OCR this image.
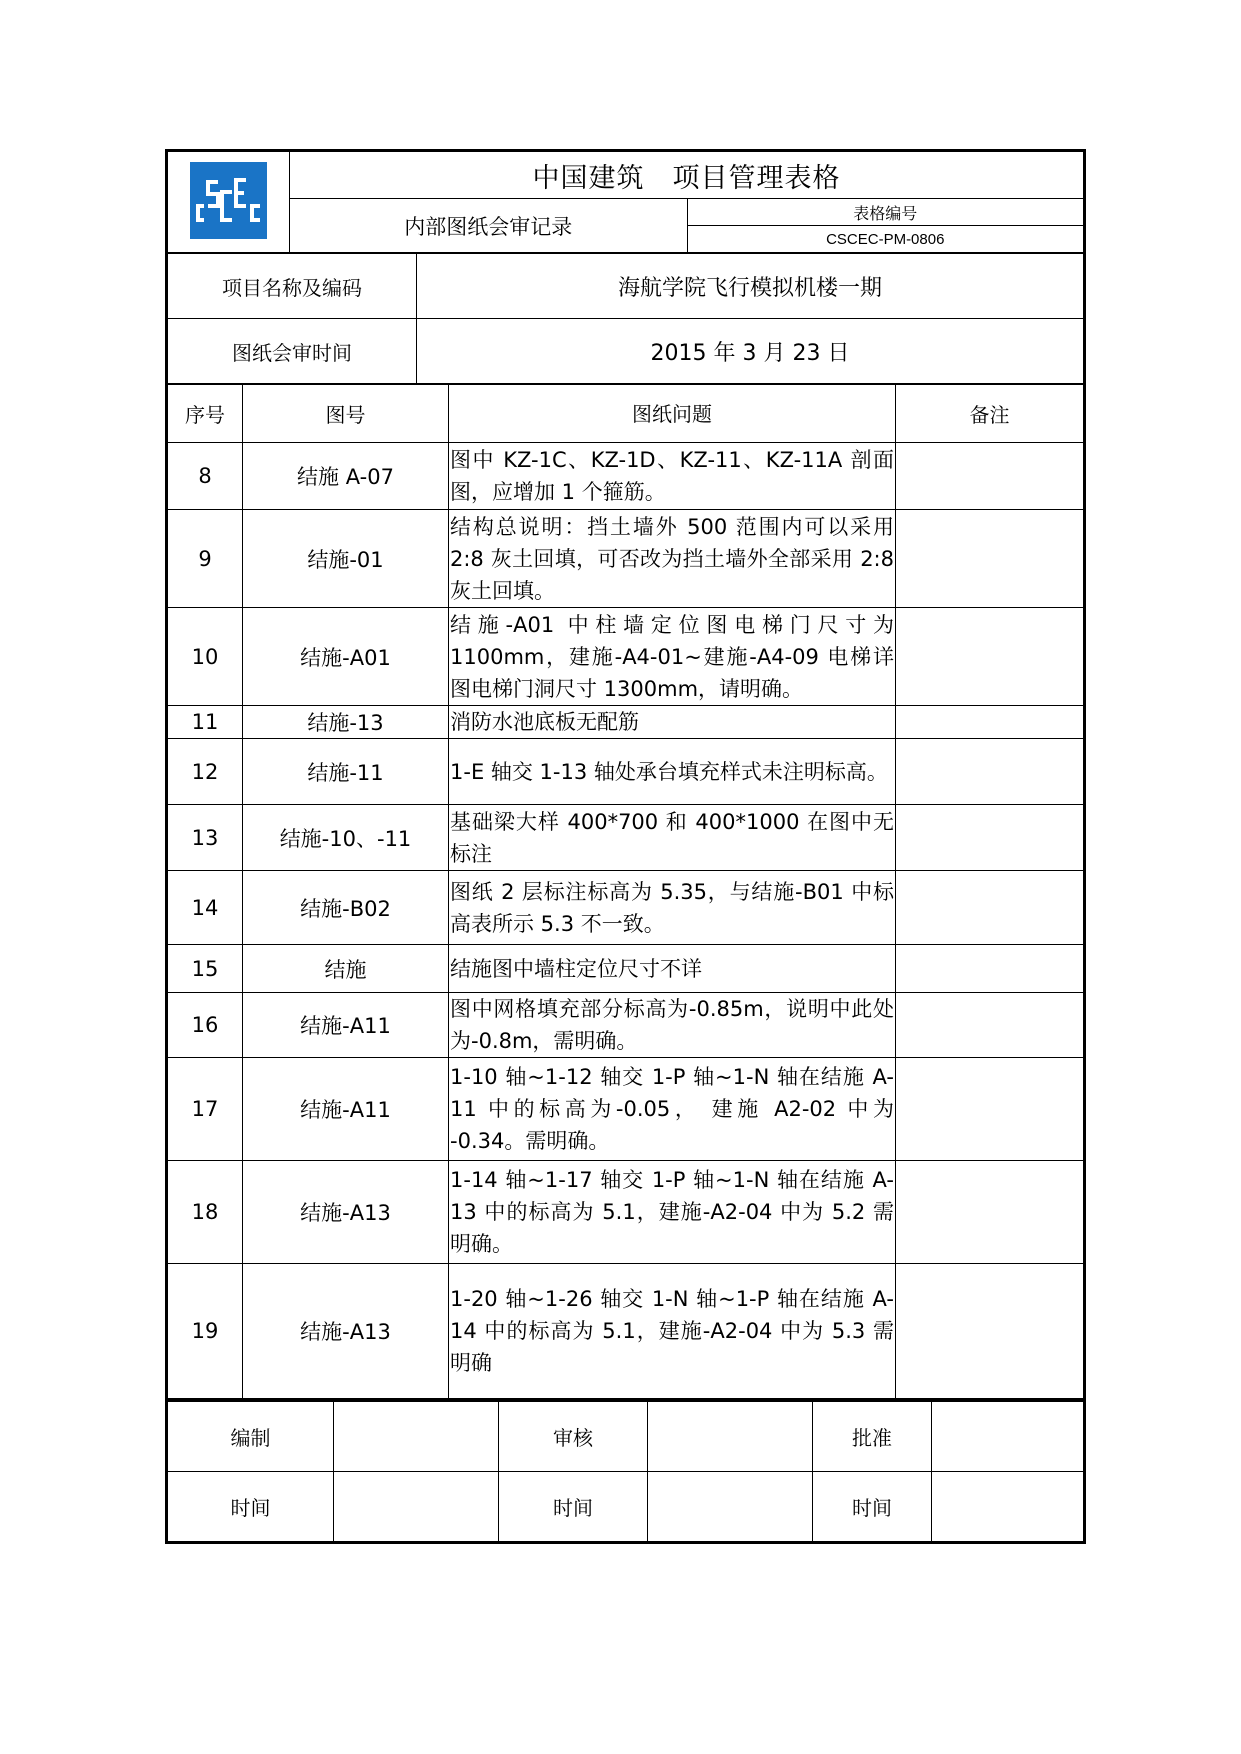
	中国建筑　项目管理表格	
	内部图纸会审记录	表格编号
		CSCEC-PM-0806
项目名称及编码	海航学院飞行模拟机楼一期
图纸会审时间	2015 年 3 月 23 日
序号	图号	图纸问题	备注
8	结施 A-07	图中 KZ-1C、KZ-1D、KZ-11、KZ-11A 剖面图，应增加 1 个箍筋。	
9	结施-01	结构总说明：挡土墙外 500 范围内可以采用 2:8 灰土回填，可否改为挡土墙外全部采用 2:8 灰土回填。	
10	结施-A01	结施-A01 中柱墙定位图电梯门尺寸为 1100mm，建施-A4-01~建施-A4-09 电梯详图电梯门洞尺寸 1300mm，请明确。	
11	结施-13	消防水池底板无配筋	
12	结施-11	1-E 轴交 1-13 轴处承台填充样式未注明标高。	
13	结施-10、-11	基础梁大样 400*700 和 400*1000 在图中无标注	
14	结施-B02	图纸 2 层标注标高为 5.35，与结施-B01 中标高表所示 5.3 不一致。	
15	结施	结施图中墙柱定位尺寸不详	
16	结施-A11	图中网格填充部分标高为-0.85m，说明中此处为-0.8m，需明确。	
17	结施-A11	1-10 轴~1-12 轴交 1-P 轴~1-N 轴在结施 A-11 中的标高为-0.05， 建施 A2-02 中为 -0.34。需明确。	
18	结施-A13	1-14 轴~1-17 轴交 1-P 轴~1-N 轴在结施 A-13 中的标高为 5.1，建施-A2-04 中为 5.2 需明确。	
19	结施-A13	1-20 轴~1-26 轴交 1-N 轴~1-P 轴在结施 A-14 中的标高为 5.1，建施-A2-04 中为 5.3 需明确	
编制		审核		批准	
时间		时间		时间	
